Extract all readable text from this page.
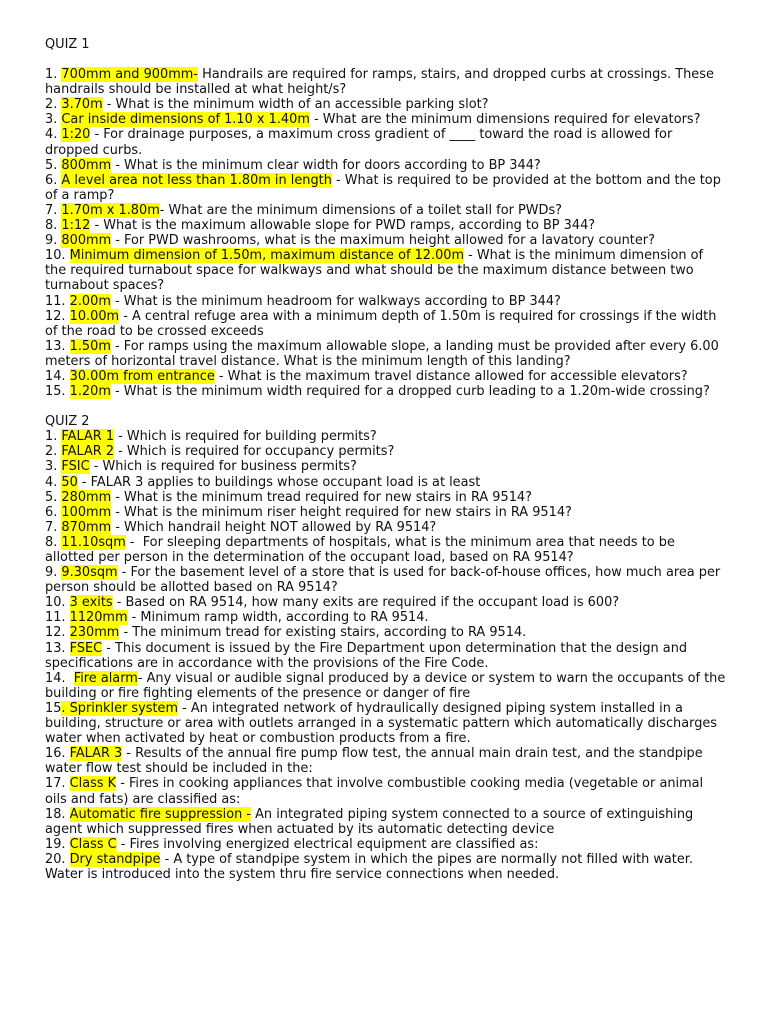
QUIZ 1
1. 700mm and 900mm- Handrails are required for ramps, stairs, and dropped curbs at crossings. These handrails should be installed at what height/s?
2. 3.70m - What is the minimum width of an accessible parking slot?
3. Car inside dimensions of 1.10 x 1.40m - What are the minimum dimensions required for elevators?
4. 1:20 - For drainage purposes, a maximum cross gradient of ____ toward the road is allowed for dropped curbs.
5. 800mm - What is the minimum clear width for doors according to BP 344?
6. A level area not less than 1.80m in length - What is required to be provided at the bottom and the top of a ramp?
7. 1.70m x 1.80m- What are the minimum dimensions of a toilet stall for PWDs?
8. 1:12 - What is the maximum allowable slope for PWD ramps, according to BP 344?
9. 800mm - For PWD washrooms, what is the maximum height allowed for a lavatory counter?
10. Minimum dimension of 1.50m, maximum distance of 12.00m - What is the minimum dimension of the required turnabout space for walkways and what should be the maximum distance between two turnabout spaces?
11. 2.00m - What is the minimum headroom for walkways according to BP 344?
12. 10.00m - A central refuge area with a minimum depth of 1.50m is required for crossings if the width of the road to be crossed exceeds
13. 1.50m - For ramps using the maximum allowable slope, a landing must be provided after every 6.00 meters of horizontal travel distance. What is the minimum length of this landing?
14. 30.00m from entrance - What is the maximum travel distance allowed for accessible elevators?
15. 1.20m - What is the minimum width required for a dropped curb leading to a 1.20m-wide crossing?
QUIZ 2
1. FALAR 1 - Which is required for building permits?
2. FALAR 2 - Which is required for occupancy permits?
3. FSIC - Which is required for business permits?
4. 50 - FALAR 3 applies to buildings whose occupant load is at least
5. 280mm - What is the minimum tread required for new stairs in RA 9514?
6. 100mm - What is the minimum riser height required for new stairs in RA 9514?
7. 870mm - Which handrail height NOT allowed by RA 9514?
8. 11.10sqm -  For sleeping departments of hospitals, what is the minimum area that needs to be allotted per person in the determination of the occupant load, based on RA 9514?
9. 9.30sqm - For the basement level of a store that is used for back-of-house offices, how much area per person should be allotted based on RA 9514?
10. 3 exits - Based on RA 9514, how many exits are required if the occupant load is 600?
11. 1120mm - Minimum ramp width, according to RA 9514.
12. 230mm - The minimum tread for existing stairs, according to RA 9514.
13. FSEC - This document is issued by the Fire Department upon determination that the design and specifications are in accordance with the provisions of the Fire Code.
14. Fire alarm- Any visual or audible signal produced by a device or system to warn the occupants of the building or fire fighting elements of the presence or danger of fire
15. Sprinkler system - An integrated network of hydraulically designed piping system installed in a building, structure or area with outlets arranged in a systematic pattern which automatically discharges water when activated by heat or combustion products from a fire.
16. FALAR 3 - Results of the annual fire pump flow test, the annual main drain test, and the standpipe water flow test should be included in the:
17. Class K - Fires in cooking appliances that involve combustible cooking media (vegetable or animal oils and fats) are classified as:
18. Automatic fire suppression - An integrated piping system connected to a source of extinguishing agent which suppressed fires when actuated by its automatic detecting device
19. Class C - Fires involving energized electrical equipment are classified as:
20. Dry standpipe - A type of standpipe system in which the pipes are normally not filled with water. Water is introduced into the system thru fire service connections when needed.
